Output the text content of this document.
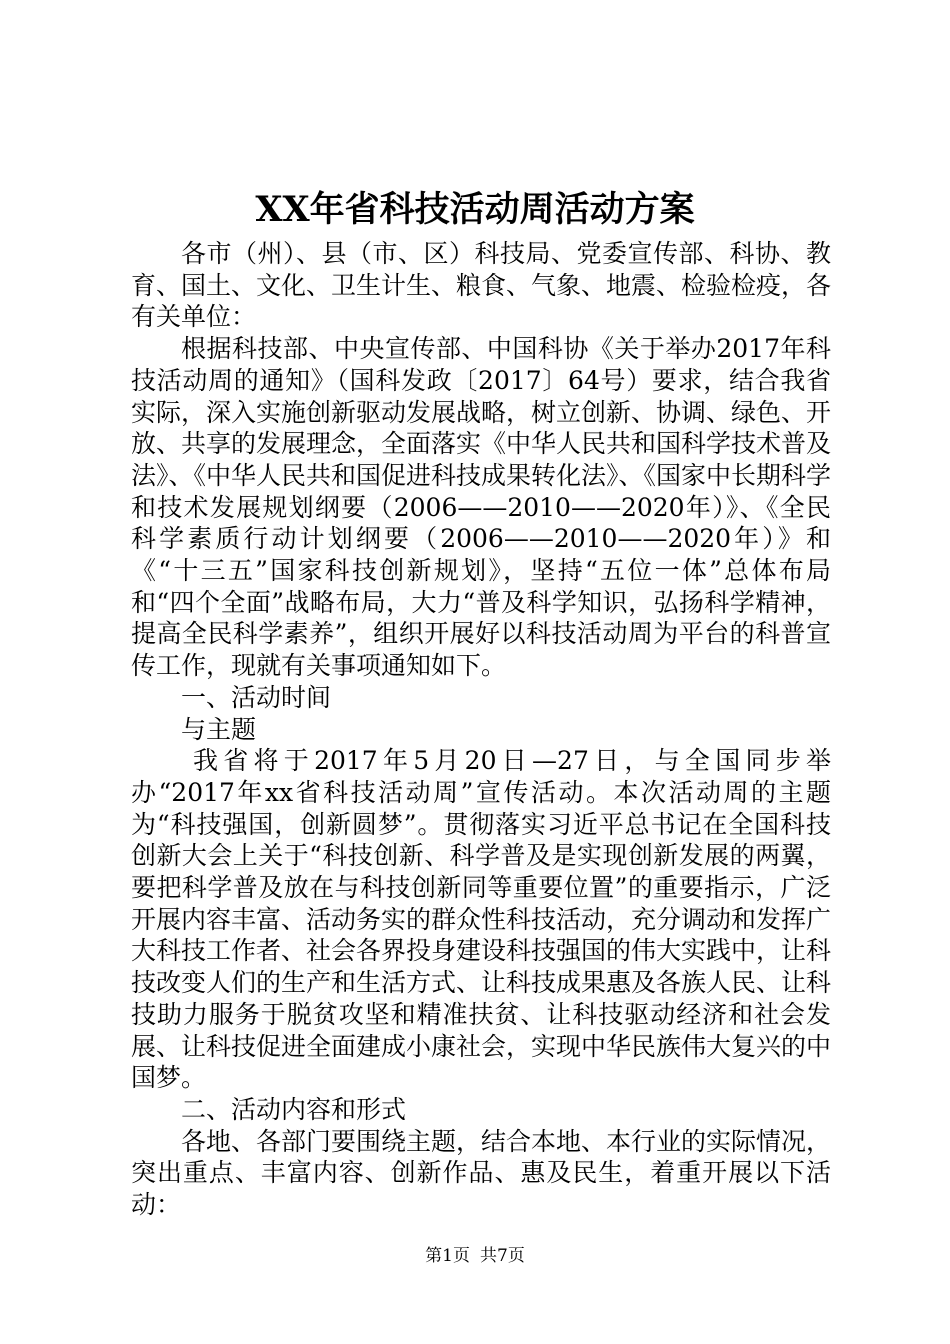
XX年省科技活动周活动方案

各市（州）、县（市、区）科技局、党委宣传部、科协、教育、国土、文化、卫生计生、粮食、气象、地震、检验检疫，各有关单位：

根据科技部、中央宣传部、中国科协《关于举办2017年科技活动周的通知》（国科发政〔2017〕64号）要求，结合我省实际，深入实施创新驱动发展战略，树立创新、协调、绿色、开放、共享的发展理念，全面落实《中华人民共和国科学技术普及法》、《中华人民共和国促进科技成果转化法》、《国家中长期科学和技术发展规划纲要（2006——2010——2020年）》、《全民科学素质行动计划纲要（2006——2010——2020年）》和《“十三五”国家科技创新规划》，坚持“五位一体”总体布局和“四个全面”战略布局，大力“普及科学知识，弘扬科学精神，提高全民科学素养”，组织开展好以科技活动周为平台的科普宣传工作，现就有关事项通知如下。

一、活动时间

与主题

我省将于2017年5月20日—27日，与全国同步举办“2017年xx省科技活动周”宣传活动。本次活动周的主题为“科技强国，创新圆梦”。贯彻落实习近平总书记在全国科技创新大会上关于“科技创新、科学普及是实现创新发展的两翼，要把科学普及放在与科技创新同等重要位置”的重要指示，广泛开展内容丰富、活动务实的群众性科技活动，充分调动和发挥广大科技工作者、社会各界投身建设科技强国的伟大实践中，让科技改变人们的生产和生活方式、让科技成果惠及各族人民、让科技助力服务于脱贫攻坚和精准扶贫、让科技驱动经济和社会发展、让科技促进全面建成小康社会，实现中华民族伟大复兴的中国梦。

二、活动内容和形式

各地、各部门要围绕主题，结合本地、本行业的实际情况，突出重点、丰富内容、创新作品、惠及民生，着重开展以下活动：

第1页 共7页
